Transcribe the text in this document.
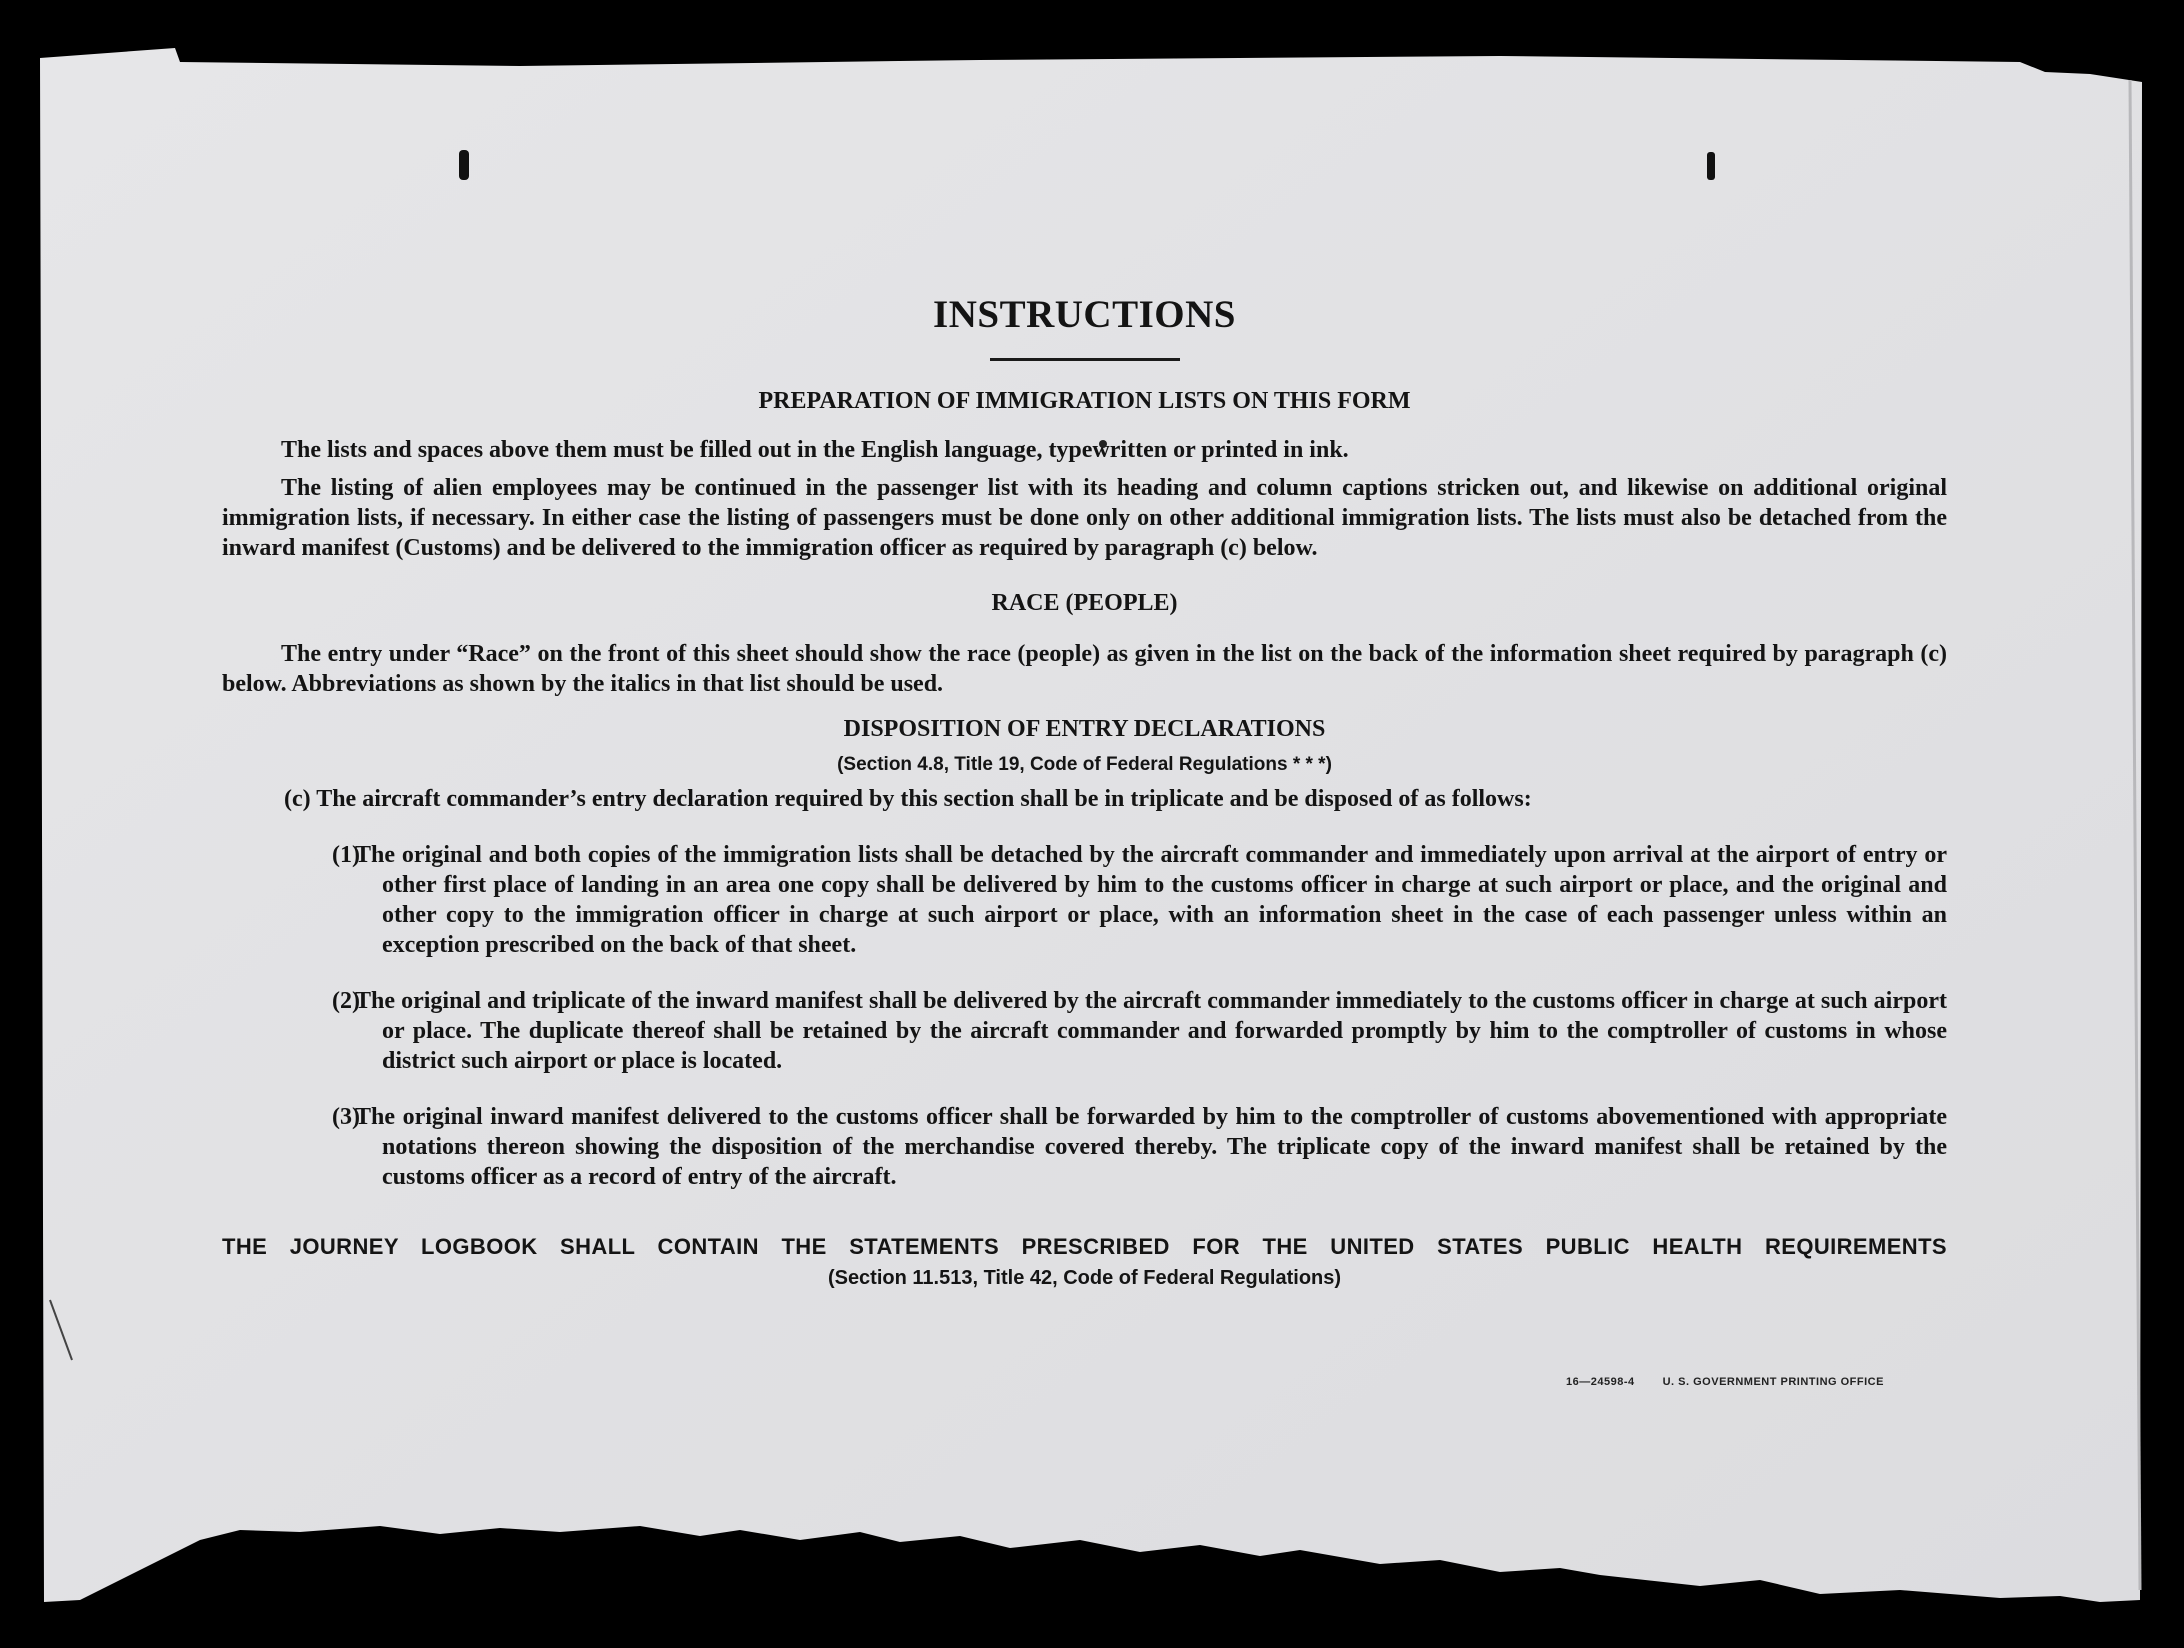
INSTRUCTIONS
PREPARATION OF IMMIGRATION LISTS ON THIS FORM

The lists and spaces above them must be filled out in the English language, typewritten or printed in ink.

The listing of alien employees may be continued in the passenger list with its heading and column captions stricken out, and likewise on additional original immigration lists, if necessary. In either case the listing of passengers must be done only on other additional immigration lists. The lists must also be detached from the inward manifest (Customs) and be delivered to the immigration officer as required by paragraph (c) below.

RACE (PEOPLE)

The entry under “Race” on the front of this sheet should show the race (people) as given in the list on the back of the information sheet required by paragraph (c) below. Abbreviations as shown by the italics in that list should be used.

DISPOSITION OF ENTRY DECLARATIONS
(Section 4.8, Title 19, Code of Federal Regulations * * *)

(c) The aircraft commander’s entry declaration required by this section shall be in triplicate and be disposed of as follows:

(1)
The original and both copies of the immigration lists shall be detached by the aircraft commander and immediately upon arrival at the airport of entry or other first place of landing in an area one copy shall be delivered by him to the customs officer in charge at such airport or place, and the original and other copy to the immigration officer in charge at such airport or place, with an information sheet in the case of each passenger unless within an exception prescribed on the back of that sheet.
(2)
The original and triplicate of the inward manifest shall be delivered by the aircraft commander immediately to the customs officer in charge at such airport or place. The duplicate thereof shall be retained by the aircraft commander and forwarded promptly by him to the comptroller of customs in whose district such airport or place is located.
(3)
The original inward manifest delivered to the customs officer shall be forwarded by him to the comptroller of customs abovementioned with appropriate notations thereon showing the disposition of the merchandise covered thereby. The triplicate copy of the inward manifest shall be retained by the customs officer as a record of entry of the aircraft.
THE JOURNEY LOGBOOK SHALL CONTAIN THE STATEMENTS PRESCRIBED FOR THE UNITED STATES PUBLIC HEALTH REQUIREMENTS
(Section 11.513, Title 42, Code of Federal Regulations)
16—24598-4	U. S. GOVERNMENT PRINTING OFFICE
